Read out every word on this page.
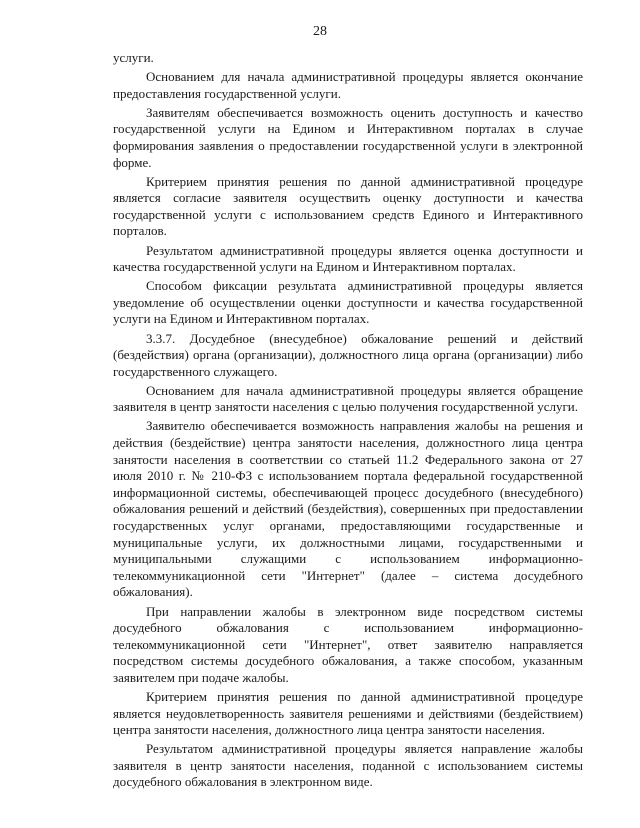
28

услуги.

Основанием для начала административной процедуры является окончание предоставления государственной услуги.

Заявителям обеспечивается возможность оценить доступность и качество государственной услуги на Едином и Интерактивном порталах в случае формирования заявления о предоставлении государственной услуги в электронной форме.

Критерием принятия решения по данной административной процедуре является согласие заявителя осуществить оценку доступности и качества государственной услуги с использованием средств Единого и Интерактивного порталов.

Результатом административной процедуры является оценка доступности и качества государственной услуги на Едином и Интерактивном порталах.

Способом фиксации результата административной процедуры является уведомление об осуществлении оценки доступности и качества государственной услуги на Едином и Интерактивном порталах.

3.3.7. Досудебное (внесудебное) обжалование решений и действий (бездействия) органа (организации), должностного лица органа (организации) либо государственного служащего.

Основанием для начала административной процедуры является обращение заявителя в центр занятости населения с целью получения государственной услуги.

Заявителю обеспечивается возможность направления жалобы на решения и действия (бездействие) центра занятости населения, должностного лица центра занятости населения в соответствии со статьей 11.2 Федерального закона от 27 июля 2010 г. № 210-ФЗ с использованием портала федеральной государственной информационной системы, обеспечивающей процесс досудебного (внесудебного) обжалования решений и действий (бездействия), совершенных при предоставлении государственных услуг органами, предоставляющими государственные и муниципальные услуги, их должностными лицами, государственными и муниципальными служащими с использованием информационно-телекоммуникационной сети "Интернет" (далее – система досудебного обжалования).

При направлении жалобы в электронном виде посредством системы досудебного обжалования с использованием информационно-телекоммуникационной сети "Интернет", ответ заявителю направляется посредством системы досудебного обжалования, а также способом, указанным заявителем при подаче жалобы.

Критерием принятия решения по данной административной процедуре является неудовлетворенность заявителя решениями и действиями (бездействием) центра занятости населения, должностного лица центра занятости населения.

Результатом административной процедуры является направление жалобы заявителя в центр занятости населения, поданной с использованием системы досудебного обжалования в электронном виде.
